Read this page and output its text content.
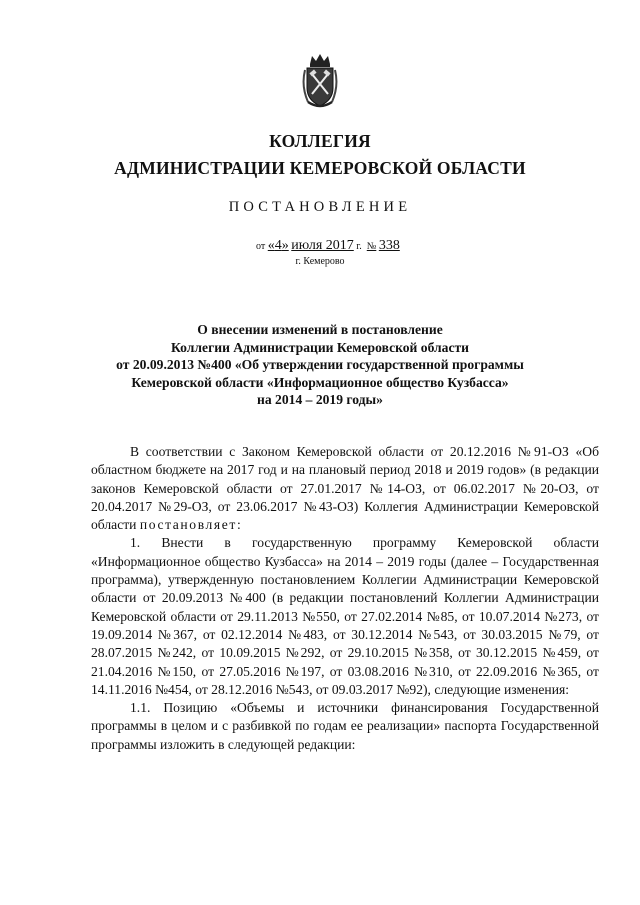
КОЛЛЕГИЯ
АДМИНИСТРАЦИИ КЕМЕРОВСКОЙ ОБЛАСТИ
ПОСТАНОВЛЕНИЕ
от «4» июля 2017 г. № 338
г. Кемерово
О внесении изменений в постановление
Коллегии Администрации Кемеровской области
от 20.09.2013 №400 «Об утверждении государственной программы
Кемеровской области «Информационное общество Кузбасса»
на 2014 – 2019 годы»

В соответствии с Законом Кемеровской области от 20.12.2016 №91-ОЗ «Об областном бюджете на 2017 год и на плановый период 2018 и 2019 годов» (в редакции законов Кемеровской области от 27.01.2017 №14-ОЗ, от 06.02.2017 №20-ОЗ, от 20.04.2017 №29-ОЗ, от 23.06.2017 №43-ОЗ) Коллегия Администрации Кемеровской области постановляет:

1. Внести в государственную программу Кемеровской области «Информационное общество Кузбасса» на 2014 – 2019 годы (далее – Государственная программа), утвержденную постановлением Коллегии Администрации Кемеровской области от 20.09.2013 №400 (в редакции постановлений Коллегии Администрации Кемеровской области от 29.11.2013 №550, от 27.02.2014 №85, от 10.07.2014 №273, от 19.09.2014 №367, от 02.12.2014 №483, от 30.12.2014 №543, от 30.03.2015 №79, от 28.07.2015 №242, от 10.09.2015 №292, от 29.10.2015 №358, от 30.12.2015 №459, от 21.04.2016 №150, от 27.05.2016 №197, от 03.08.2016 №310, от 22.09.2016 №365, от 14.11.2016 №454, от 28.12.2016 №543, от 09.03.2017 №92), следующие изменения:

1.1. Позицию «Объемы и источники финансирования Государственной программы в целом и с разбивкой по годам ее реализации» паспорта Государственной программы изложить в следующей редакции:
